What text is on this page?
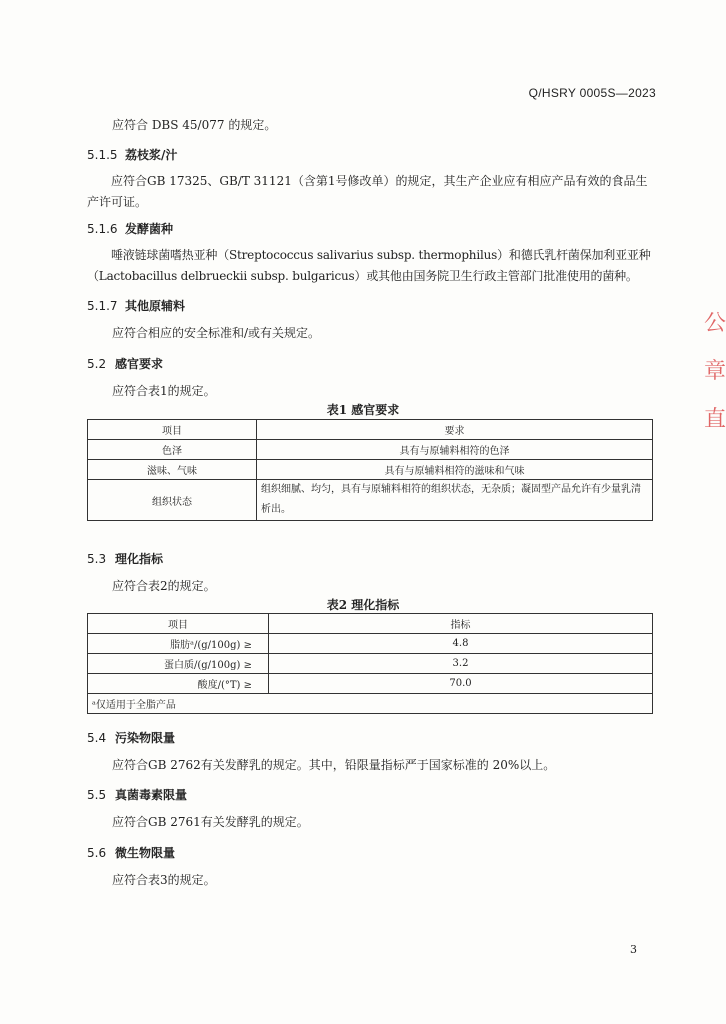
Q/HSRY 0005S—2023
应符合 DBS 45/077 的规定。
5.1.5 荔枝浆/汁
应符合GB 17325、GB/T 31121（含第1号修改单）的规定，其生产企业应有相应产品有效的食品生产许可证。
5.1.6 发酵菌种
唾液链球菌嗜热亚种（Streptococcus salivarius subsp. thermophilus）和德氏乳杆菌保加利亚亚种（Lactobacillus delbrueckii subsp. bulgaricus）或其他由国务院卫生行政主管部门批准使用的菌种。
5.1.7 其他原辅料
应符合相应的安全标准和/或有关规定。
5.2 感官要求
应符合表1的规定。
表1 感官要求
项目	要求
色泽	具有与原辅料相符的色泽
滋味、气味	具有与原辅料相符的滋味和气味
组织状态	组织细腻、均匀，具有与原辅料相符的组织状态，无杂质；凝固型产品允许有少量乳清析出。
5.3 理化指标
应符合表2的规定。
表2 理化指标
项目	指标
脂肪ᵃ/(g/100g) ≥	4.8
蛋白质/(g/100g) ≥	3.2
酸度/(°T) ≥	70.0
ᵃ仅适用于全脂产品	
5.4 污染物限量
应符合GB 2762有关发酵乳的规定。其中，铅限量指标严于国家标准的 20%以上。
5.5 真菌毒素限量
应符合GB 2761有关发酵乳的规定。
5.6 微生物限量
应符合表3的规定。
3
公 章 直
